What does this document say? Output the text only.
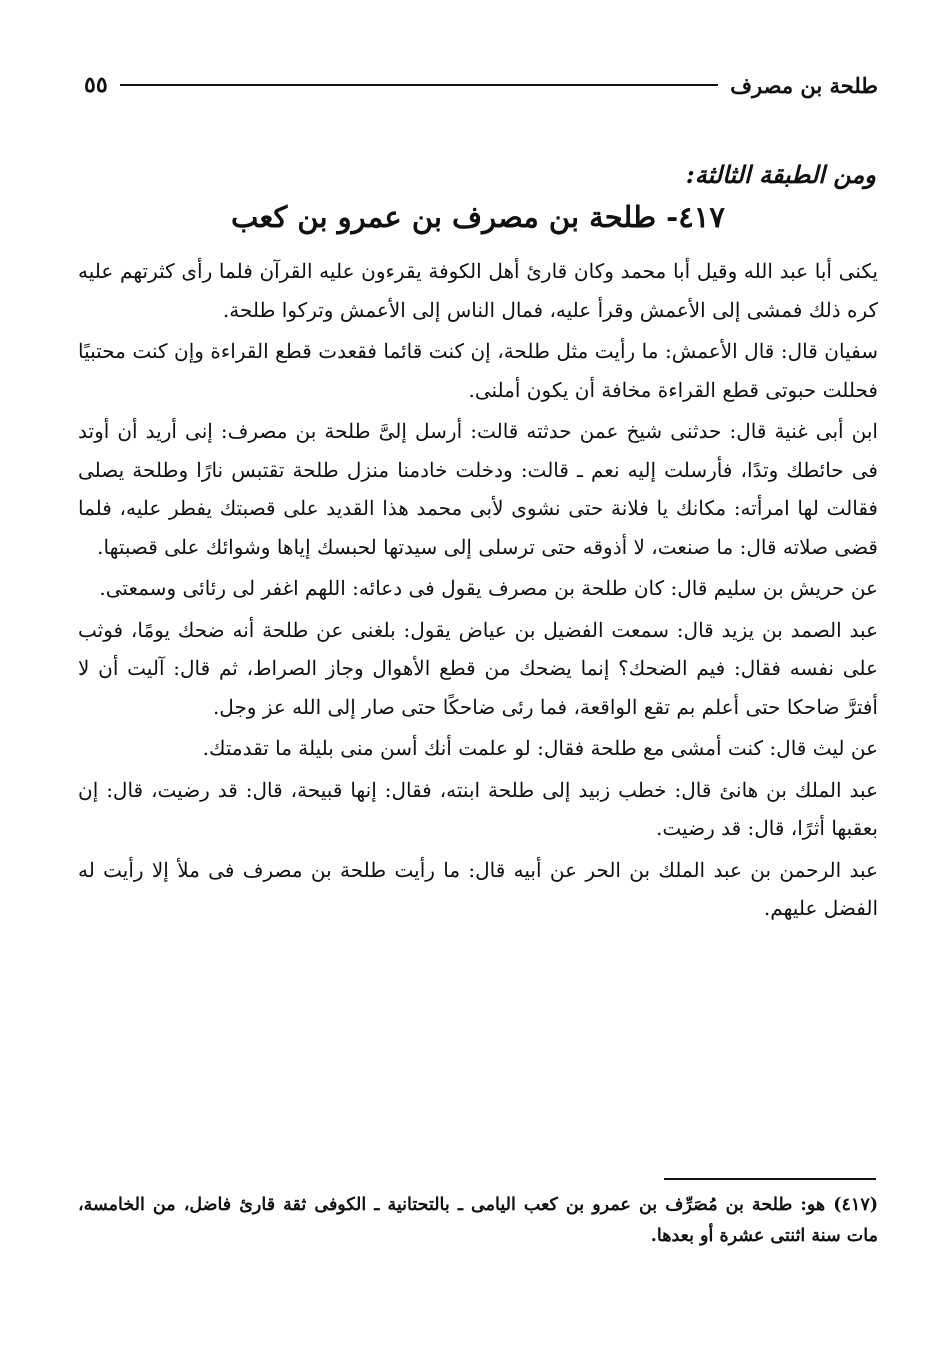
طلحة بن مصرف
٥٥
ومن الطبقة الثالثة:
٤١٧- طلحة بن مصرف بن عمرو بن كعب

يكنى أبا عبد الله وقيل أبا محمد وكان قارئ أهل الكوفة يقرءون عليه القرآن فلما رأى كثرتهم عليه كره ذلك فمشى إلى الأعمش وقرأ عليه، فمال الناس إلى الأعمش وتركوا طلحة.

سفيان قال: قال الأعمش: ما رأيت مثل طلحة، إن كنت قائما فقعدت قطع القراءة وإن كنت محتبيًا فحللت حبوتى قطع القراءة مخافة أن يكون أملنى.

ابن أبى غنية قال: حدثنى شيخ عمن حدثته قالت: أرسل إلىَّ طلحة بن مصرف: إنى أريد أن أوتد فى حائطك وتدًا، فأرسلت إليه نعم ـ قالت: ودخلت خادمنا منزل طلحة تقتبس نارًا وطلحة يصلى فقالت لها امرأته: مكانك يا فلانة حتى نشوى لأبى محمد هذا القديد على قصبتك يفطر عليه، فلما قضى صلاته قال: ما صنعت، لا أذوقه حتى ترسلى إلى سيدتها لحبسك إياها وشوائك على قصبتها.

عن حريش بن سليم قال: كان طلحة بن مصرف يقول فى دعائه: اللهم اغفر لى رئائى وسمعتى.

عبد الصمد بن يزيد قال: سمعت الفضيل بن عياض يقول: بلغنى عن طلحة أنه ضحك يومًا، فوثب على نفسه فقال: فيم الضحك؟ إنما يضحك من قطع الأهوال وجاز الصراط، ثم قال: آليت أن لا أفترَّ ضاحكا حتى أعلم بم تقع الواقعة، فما رئى ضاحكًا حتى صار إلى الله عز وجل.

عن ليث قال: كنت أمشى مع طلحة فقال: لو علمت أنك أسن منى بليلة ما تقدمتك.

عبد الملك بن هانئ قال: خطب زبيد إلى طلحة ابنته، فقال: إنها قبيحة، قال: قد رضيت، قال: إن بعقبها أثرًا، قال: قد رضيت.

عبد الرحمن بن عبد الملك بن الحر عن أبيه قال: ما رأيت طلحة بن مصرف فى ملأ إلا رأيت له الفضل عليهم.

(٤١٧) هو: طلحة بن مُصَرِّف بن عمرو بن كعب اليامى ـ بالتحتانية ـ الكوفى ثقة قارئ فاضل، من الخامسة، مات سنة اثنتى عشرة أو بعدها.
